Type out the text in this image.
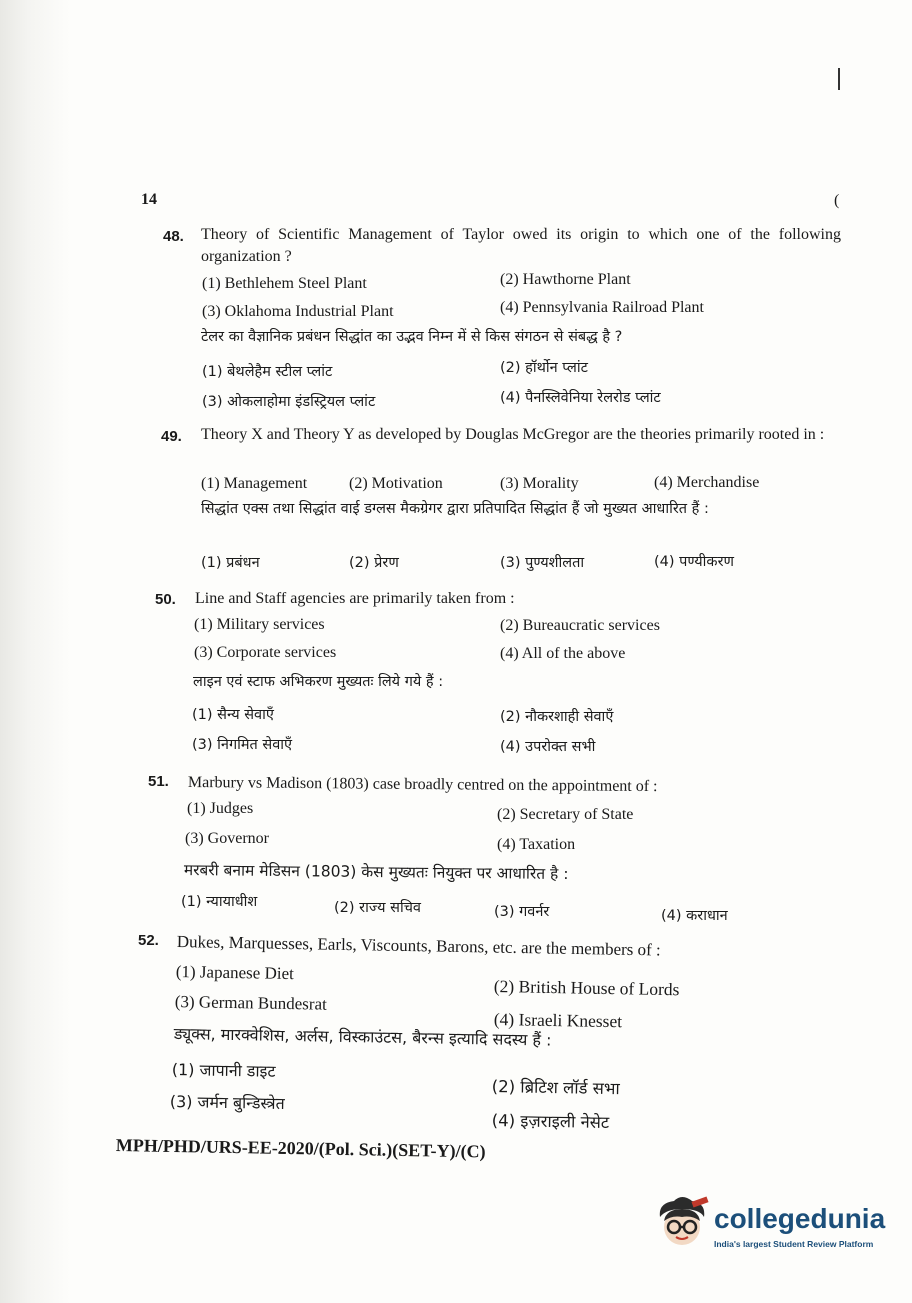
(
14
48. Theory of Scientific Management of Taylor owed its origin to which one of the following organization ?
(1) Bethlehem Steel Plant	(2) Hawthorne Plant
(3) Oklahoma Industrial Plant	(4) Pennsylvania Railroad Plant
टेलर का वैज्ञानिक प्रबंधन सिद्धांत का उद्भव निम्न में से किस संगठन से संबद्ध है ?
(1) बेथलेहैम स्टील प्लांट	(2) हॉर्थोन प्लांट
(3) ओकलाहोमा इंडस्ट्रियल प्लांट	(4) पैनस्लिवेनिया रेलरोड प्लांट
49. Theory X and Theory Y as developed by Douglas McGregor are the theories primarily rooted in :
(1) Management	(2) Motivation	(3) Morality	(4) Merchandise
सिद्धांत एक्स तथा सिद्धांत वाई डग्लस मैकग्रेगर द्वारा प्रतिपादित सिद्धांत हैं जो मुख्यत आधारित हैं :
(1) प्रबंधन	(2) प्रेरण	(3) पुण्यशीलता	(4) पण्यीकरण
50. Line and Staff agencies are primarily taken from :
(1) Military services	(2) Bureaucratic services
(3) Corporate services	(4) All of the above
लाइन एवं स्टाफ अभिकरण मुख्यतः लिये गये हैं :
(1) सैन्य सेवाएँ	(2) नौकरशाही सेवाएँ
(3) निगमित सेवाएँ	(4) उपरोक्त सभी
51. Marbury vs Madison (1803) case broadly centred on the appointment of :
(1) Judges	(2) Secretary of State
(3) Governor	(4) Taxation
मरबरी बनाम मेडिसन (1803) केस मुख्यतः नियुक्त पर आधारित है :
(1) न्यायाधीश	(2) राज्य सचिव	(3) गवर्नर	(4) कराधान
52. Dukes, Marquesses, Earls, Viscounts, Barons, etc. are the members of :
(1) Japanese Diet
(2) British House of Lords
(3) German Bundesrat
(4) Israeli Knesset
ड्यूक्स, मारक्वेशिस, अर्लस, विस्काउंटस, बैरन्स इत्यादि सदस्य हैं :
(1) जापानी डाइट
(2) ब्रिटिश लॉर्ड सभा
(3) जर्मन बुन्डिस्त्रेत
(4) इज़राइली नेसेट
MPH/PHD/URS-EE-2020/(Pol. Sci.)(SET-Y)/(C)
collegedunia
India's largest Student Review Platform
